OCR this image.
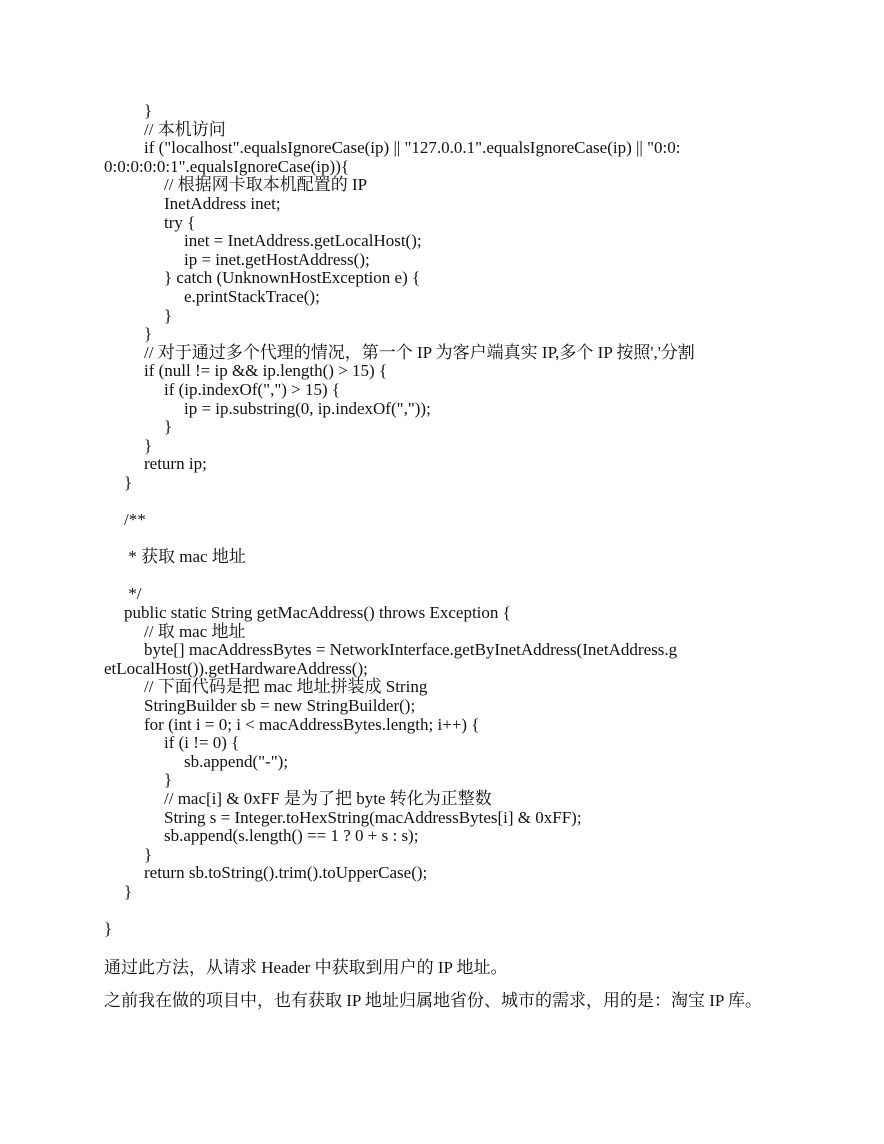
}
// 本机访问
if ("localhost".equalsIgnoreCase(ip) || "127.0.0.1".equalsIgnoreCase(ip) || "0:0:
0:0:0:0:0:1".equalsIgnoreCase(ip)){
// 根据网卡取本机配置的 IP
InetAddress inet;
try {
inet = InetAddress.getLocalHost();
ip = inet.getHostAddress();
} catch (UnknownHostException e) {
e.printStackTrace();
}
}
// 对于通过多个代理的情况，第一个 IP 为客户端真实 IP,多个 IP 按照','分割
if (null != ip && ip.length() > 15) {
if (ip.indexOf(",") > 15) {
ip = ip.substring(0, ip.indexOf(","));
}
}
return ip;
}
/**
* 获取 mac 地址
*/
public static String getMacAddress() throws Exception {
// 取 mac 地址
byte[] macAddressBytes = NetworkInterface.getByInetAddress(InetAddress.g
etLocalHost()).getHardwareAddress();
// 下面代码是把 mac 地址拼装成 String
StringBuilder sb = new StringBuilder();
for (int i = 0; i < macAddressBytes.length; i++) {
if (i != 0) {
sb.append("-");
}
// mac[i] & 0xFF 是为了把 byte 转化为正整数
String s = Integer.toHexString(macAddressBytes[i] & 0xFF);
sb.append(s.length() == 1 ? 0 + s : s);
}
return sb.toString().trim().toUpperCase();
}
}
通过此方法，从请求 Header 中获取到用户的 IP 地址。
之前我在做的项目中，也有获取 IP 地址归属地省份、城市的需求，用的是：淘宝 IP 库。
